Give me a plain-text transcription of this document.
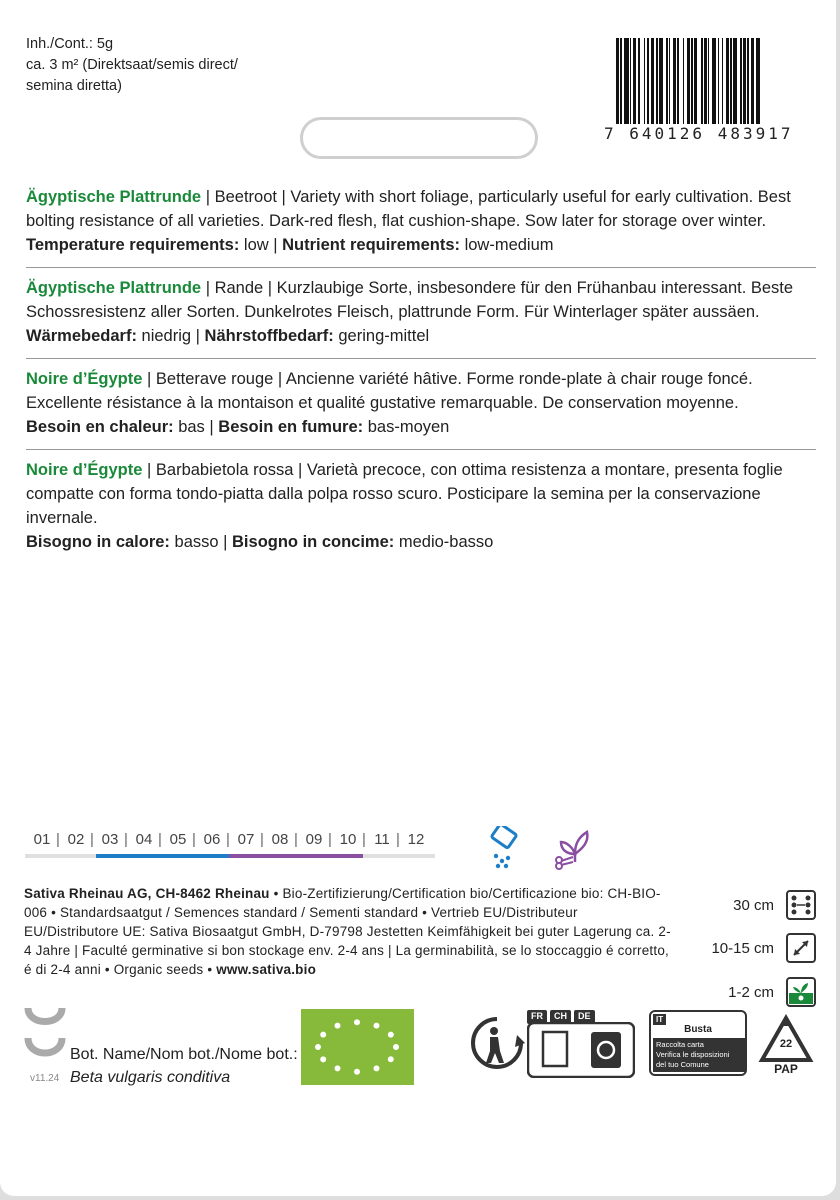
Inh./Cont.: 5g
ca. 3 m² (Direktsaat/semis direct/
semina diretta)
7 640126 483917
Ägyptische Plattrunde | Beetroot | Variety with short foliage, particularly useful for early cultivation. Best bolting resistance of all varieties. Dark-red flesh, flat cushion-shape. Sow later for storage over winter.
Temperature requirements: low | Nutrient requirements: low-medium
Ägyptische Plattrunde | Rande | Kurzlaubige Sorte, insbesondere für den Frühanbau interessant. Beste Schossresistenz aller Sorten. Dunkelrotes Fleisch, plattrunde Form. Für Winterlager später aussäen.
Wärmebedarf: niedrig | Nährstoffbedarf: gering-mittel
Noire d’Égypte | Betterave rouge | Ancienne variété hâtive. Forme ronde-plate à chair rouge foncé. Excellente résistance à la montaison et qualité gustative remarquable. De conservation moyenne.
Besoin en chaleur: bas | Besoin en fumure: bas-moyen
Noire d’Égypte | Barbabietola rossa | Varietà precoce, con ottima resistenza a montare, presenta foglie compatte con forma tondo-piatta dalla polpa rosso scuro. Posticipare la semina per la conservazione invernale.
Bisogno in calore: basso | Bisogno in concime: medio-basso
01	| 02	| 03	| 04	| 05	| 06	| 07	| 08	| 09	| 10	| 11	| 12
Sativa Rheinau AG, CH-8462 Rheinau • Bio-Zertifizierung/Certification bio/Certificazione bio: CH-BIO-006 • Standardsaatgut / Semences standard / Sementi standard • Vertrieb EU/Distributeur EU/Distributore UE: Sativa Biosaatgut GmbH, D-79798 Jestetten Keimfähigkeit bei guter Lagerung ca. 2-4 Jahre | Faculté germinative si bon stockage env. 2-4 ans | La germinabilità, se lo stoccaggio é corretto, é di 2-4 anni • Organic seeds • www.sativa.bio
30 cm
10-15 cm
1-2 cm
Bot. Name/Nom bot./Nome bot.:
Beta vulgaris conditiva
v11.24
FR	CH	DE	IT
Busta
Raccolta carta
Verifica le disposizioni
del tuo Comune
22
PAP
